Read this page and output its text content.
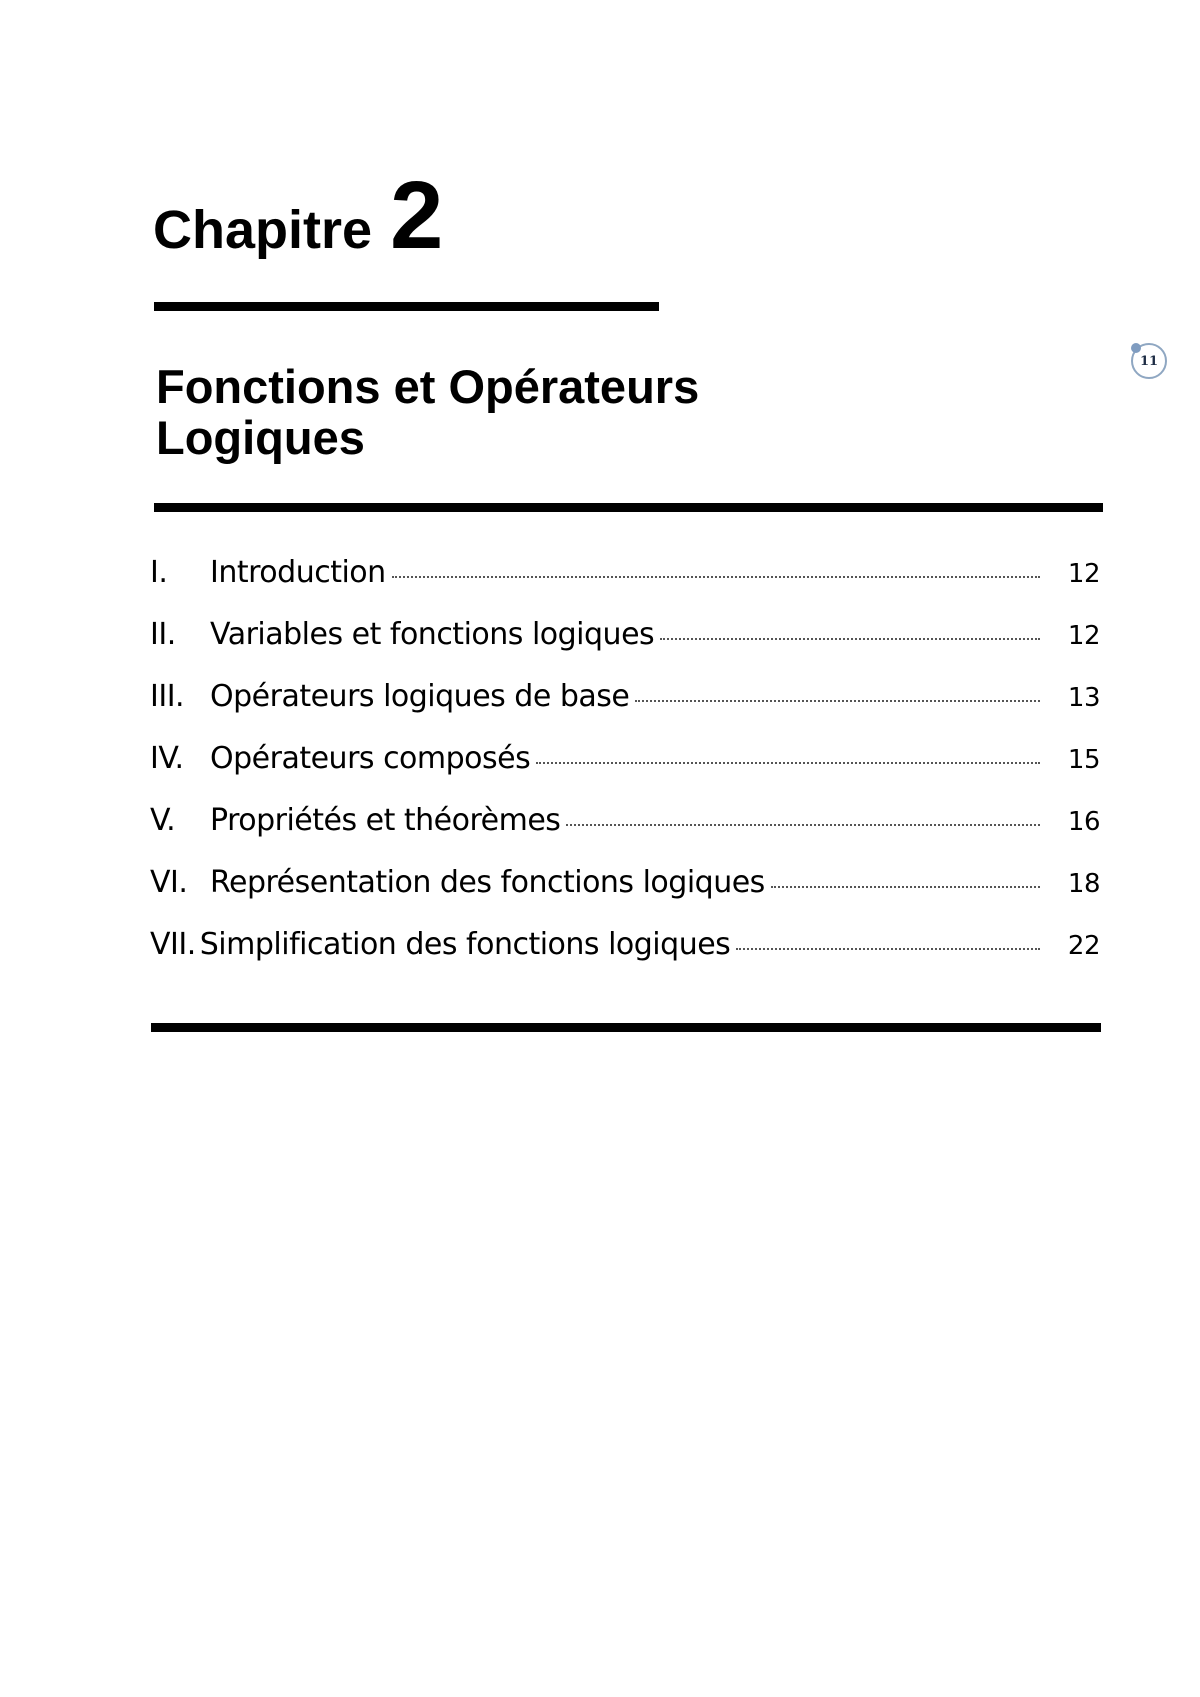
Chapitre 2
Fonctions et Opérateurs
Logiques
11
I.	Introduction	12
II.	Variables et fonctions logiques	12
III. Opérateurs logiques de base	13
IV. Opérateurs composés	15
V.	Propriétés et théorèmes	16
VI. Représentation des fonctions logiques	18
VII. Simplification des fonctions logiques	22
